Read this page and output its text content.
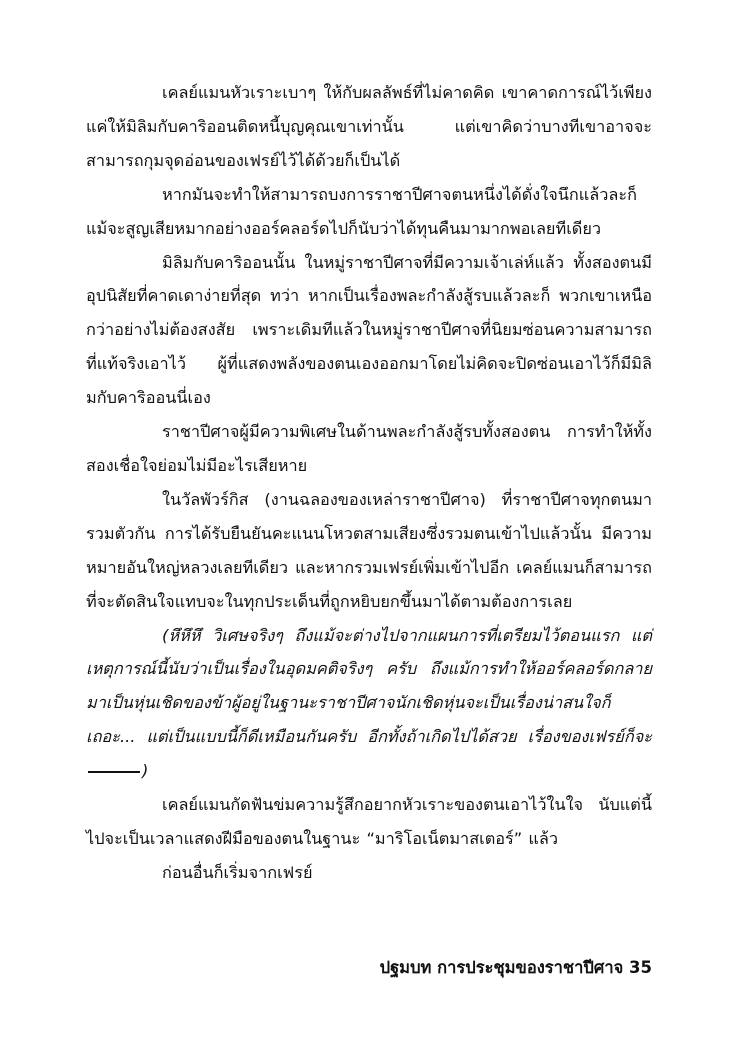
เคลย์แมนหัวเราะเบาๆ ให้กับผลลัพธ์ที่ไม่คาดคิด เขาคาดการณ์ไว้เพียงแค่ให้มิลิมกับคาริออนติดหนี้บุญคุณเขาเท่านั้น แต่เขาคิดว่าบางทีเขาอาจจะสามารถกุมจุดอ่อนของเฟรย์ไว้ได้ด้วยก็เป็นได้

หากมันจะทำให้สามารถบงการราชาปีศาจตนหนึ่งได้ดั่งใจนึกแล้วละก็ แม้จะสูญเสียหมากอย่างออร์คลอร์ดไปก็นับว่าได้ทุนคืนมามากพอเลยทีเดียว

มิลิมกับคาริออนนั้น ในหมู่ราชาปีศาจที่มีความเจ้าเล่ห์แล้ว ทั้งสองตนมีอุปนิสัยที่คาดเดาง่ายที่สุด ทว่า หากเป็นเรื่องพละกำลังสู้รบแล้วละก็ พวกเขาเหนือกว่าอย่างไม่ต้องสงสัย เพราะเดิมทีแล้วในหมู่ราชาปีศาจที่นิยมซ่อนความสามารถที่แท้จริงเอาไว้ ผู้ที่แสดงพลังของตนเองออกมาโดยไม่คิดจะปิดซ่อนเอาไว้ก็มีมิลิมกับคาริออนนี่เอง

ราชาปีศาจผู้มีความพิเศษในด้านพละกำลังสู้รบทั้งสองตน การทำให้ทั้งสองเชื่อใจย่อมไม่มีอะไรเสียหาย

ในวัลพัวร์กิส (งานฉลองของเหล่าราชาปีศาจ) ที่ราชาปีศาจทุกตนมารวมตัวกัน การได้รับยืนยันคะแนนโหวตสามเสียงซึ่งรวมตนเข้าไปแล้วนั้น มีความหมายอันใหญ่หลวงเลยทีเดียว และหากรวมเฟรย์เพิ่มเข้าไปอีก เคลย์แมนก็สามารถที่จะตัดสินใจแทบจะในทุกประเด็นที่ถูกหยิบยกขึ้นมาได้ตามต้องการเลย

(หึหึหึ วิเศษจริงๆ ถึงแม้จะต่างไปจากแผนการที่เตรียมไว้ตอนแรก แต่เหตุการณ์นี้นับว่าเป็นเรื่องในอุดมคติจริงๆ ครับ ถึงแม้การทำให้ออร์คลอร์ดกลายมาเป็นหุ่นเชิดของข้าผู้อยู่ในฐานะราชาปีศาจนักเชิดหุ่นจะเป็นเรื่องน่าสนใจก็เถอะ... แต่เป็นแบบนี้ก็ดีเหมือนกันครับ อีกทั้งถ้าเกิดไปได้สวย เรื่องของเฟรย์ก็จะ)

เคลย์แมนกัดฟันข่มความรู้สึกอยากหัวเราะของตนเอาไว้ในใจ นับแต่นี้ไปจะเป็นเวลาแสดงฝีมือของตนในฐานะ “มาริโอเน็ตมาสเตอร์” แล้ว

ก่อนอื่นก็เริ่มจากเฟรย์

ปฐมบท การประชุมของราชาปีศาจ 35
